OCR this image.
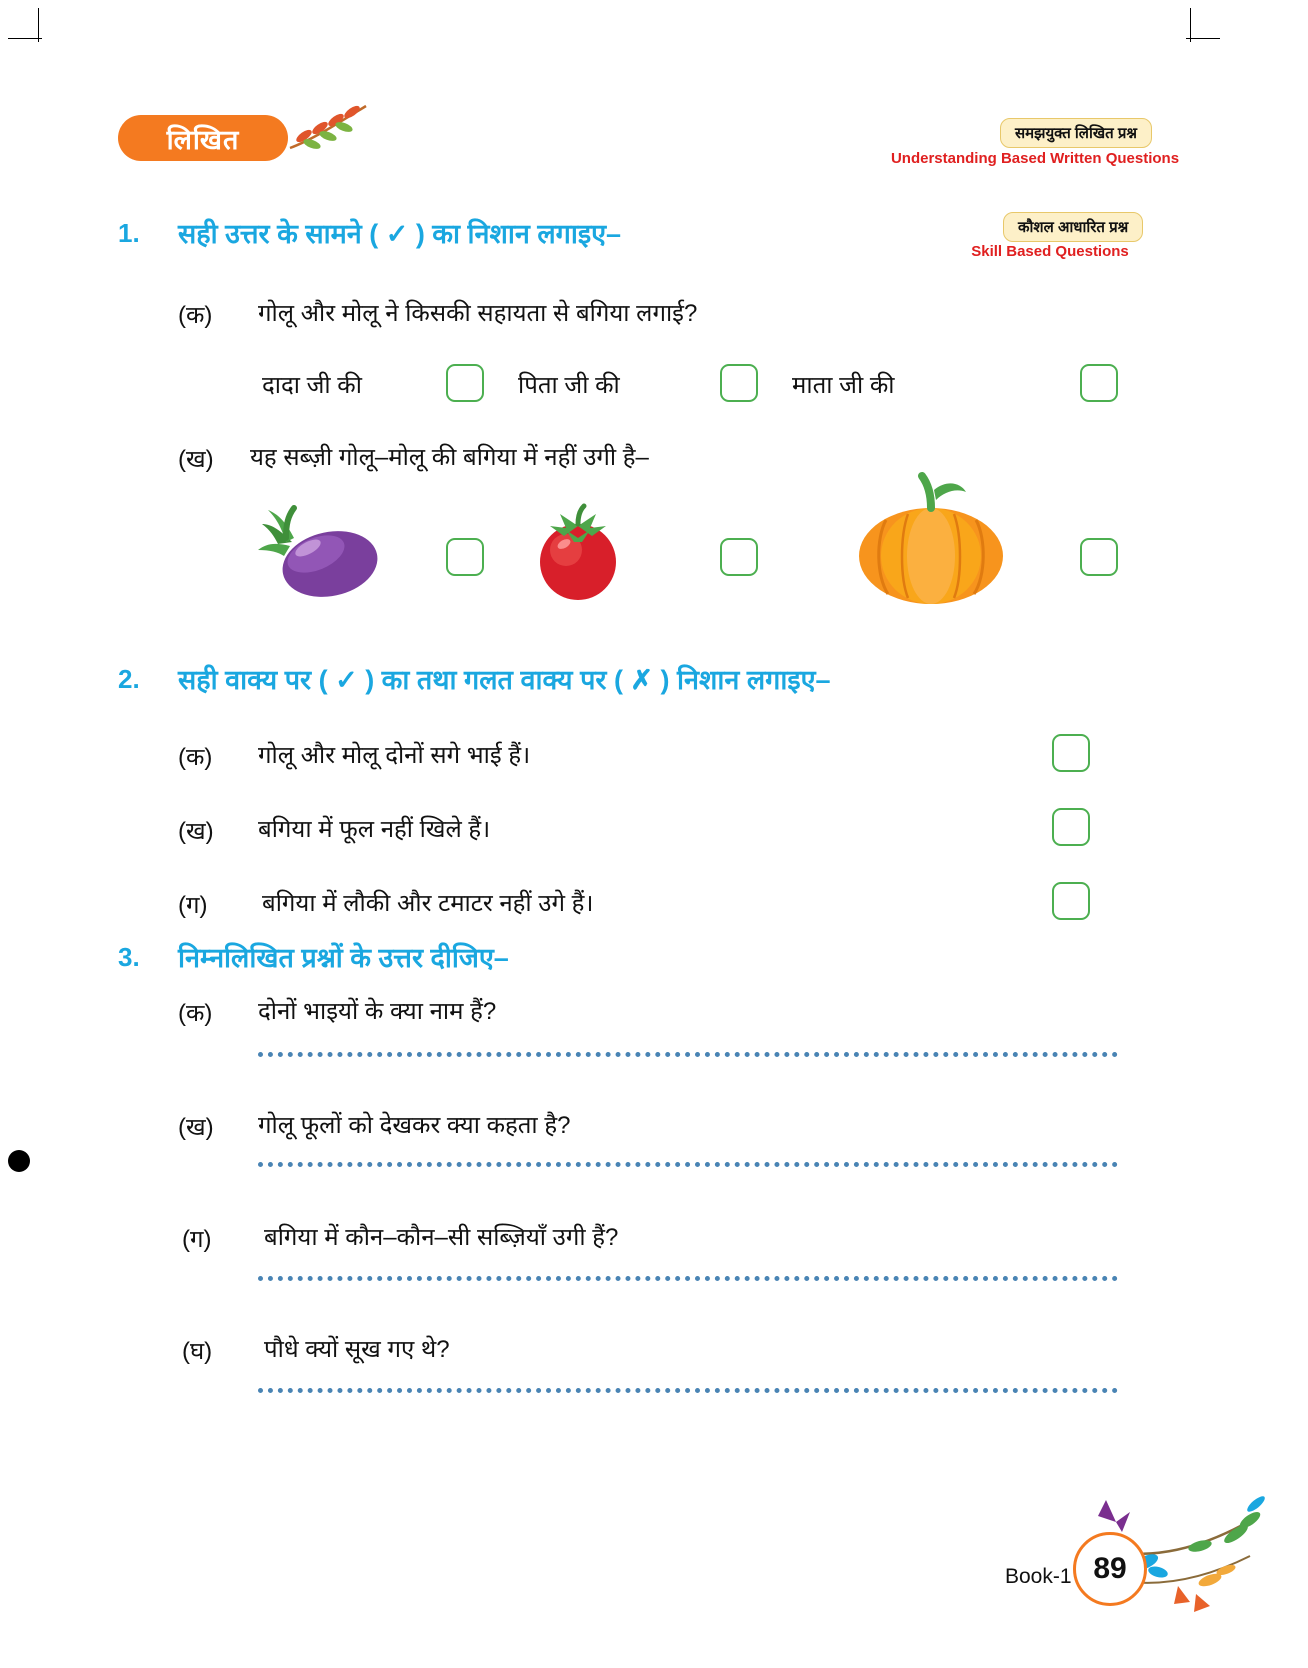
लिखित	समझयुक्त लिखित प्रश्न
Understanding Based Written Questions
कौशल आधारित प्रश्न
Skill Based Questions
1. सही उत्तर के सामने ( ✓ ) का निशान लगाइए–
(क) गोलू और मोलू ने किसकी सहायता से बगिया लगाई?
दादा जी की	पिता जी की	माता जी की
(ख) यह सब्ज़ी गोलू–मोलू की बगिया में नहीं उगी है–
2. सही वाक्य पर ( ✓ ) का तथा गलत वाक्य पर ( ✗ ) निशान लगाइए–
(क) गोलू और मोलू दोनों सगे भाई हैं।
(ख) बगिया में फूल नहीं खिले हैं।
(ग) बगिया में लौकी और टमाटर नहीं उगे हैं।
3. निम्नलिखित प्रश्नों के उत्तर दीजिए–
(क) दोनों भाइयों के क्या नाम हैं?
(ख) गोलू फूलों को देखकर क्या कहता है?
(ग) बगिया में कौन–कौन–सी सब्ज़ियाँ उगी हैं?
(घ) पौधे क्यों सूख गए थे?
Book-1 89
